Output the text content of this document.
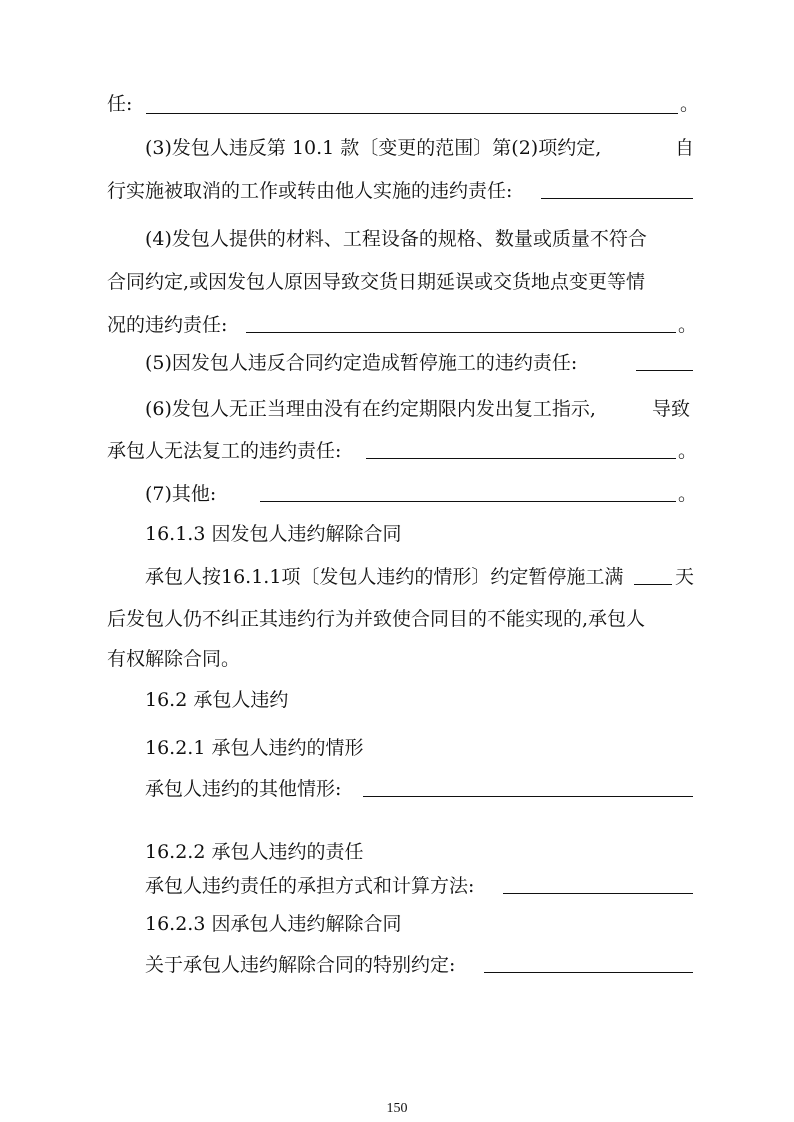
任:	。
(3)发包人违反第 10.1 款〔变更的范围〕第(2)项约定,	自
行实施被取消的工作或转由他人实施的违约责任:
(4)发包人提供的材料、工程设备的规格、数量或质量不符合
合同约定,或因发包人原因导致交货日期延误或交货地点变更等情
况的违约责任:	。
(5)因发包人违反合同约定造成暂停施工的违约责任:
(6)发包人无正当理由没有在约定期限内发出复工指示,	导致
承包人无法复工的违约责任:	。
(7)其他:	。
16.1.3 因发包人违约解除合同
承包人按16.1.1项〔发包人违约的情形〕约定暂停施工满	天
后发包人仍不纠正其违约行为并致使合同目的不能实现的,承包人
有权解除合同。
16.2 承包人违约
16.2.1 承包人违约的情形
承包人违约的其他情形:
16.2.2 承包人违约的责任
承包人违约责任的承担方式和计算方法:
16.2.3 因承包人违约解除合同
关于承包人违约解除合同的特别约定:
150
